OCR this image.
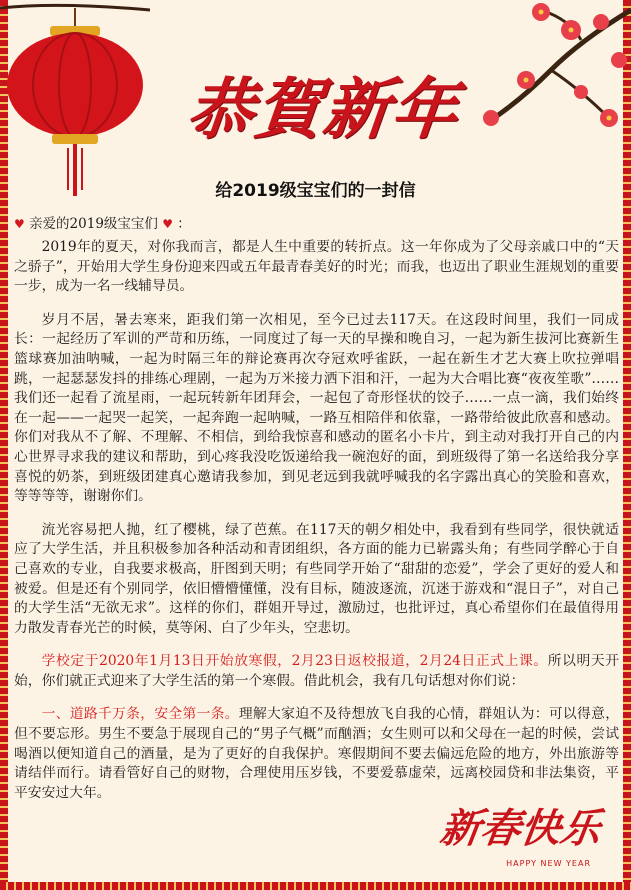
恭賀新年
给2019级宝宝们的一封信
♥ 亲爱的2019级宝宝们 ♥ ：

2019年的夏天，对你我而言，都是人生中重要的转折点。这一年你成为了父母亲戚口中的“天之骄子”，开始用大学生身份迎来四或五年最青春美好的时光；而我，也迈出了职业生涯规划的重要一步，成为一名一线辅导员。

岁月不居，暑去寒来，距我们第一次相见，至今已过去117天。在这段时间里，我们一同成长：一起经历了军训的严苛和历练，一同度过了每一天的早操和晚自习，一起为新生拔河比赛新生篮球赛加油呐喊，一起为时隔三年的辩论赛再次夺冠欢呼雀跃，一起在新生才艺大赛上吹拉弹唱跳，一起瑟瑟发抖的排练心理剧，一起为万米接力洒下泪和汗，一起为大合唱比赛“夜夜笙歌”……我们还一起看了流星雨，一起玩转新年团拜会，一起包了奇形怪状的饺子……一点一滴，我们始终在一起——一起哭一起笑，一起奔跑一起呐喊，一路互相陪伴和依靠，一路带给彼此欣喜和感动。你们对我从不了解、不理解、不相信，到给我惊喜和感动的匿名小卡片，到主动对我打开自己的内心世界寻求我的建议和帮助，到心疼我没吃饭递给我一碗泡好的面，到班级得了第一名送给我分享喜悦的奶茶，到班级团建真心邀请我参加，到见老远到我就呼喊我的名字露出真心的笑脸和喜欢，等等等等，谢谢你们。

流光容易把人抛，红了樱桃，绿了芭蕉。在117天的朝夕相处中，我看到有些同学，很快就适应了大学生活，并且积极参加各种活动和青团组织，各方面的能力已崭露头角；有些同学醉心于自己喜欢的专业，自我要求极高，肝图到天明；有些同学开始了“甜甜的恋爱”，学会了更好的爱人和被爱。但是还有个别同学，依旧懵懵懂懂，没有目标，随波逐流，沉迷于游戏和“混日子”，对自己的大学生活“无欲无求”。这样的你们，群姐开导过，激励过，也批评过，真心希望你们在最值得用力散发青春光芒的时候，莫等闲、白了少年头，空悲切。

学校定于2020年1月13日开始放寒假，2月23日返校报道，2月24日正式上课。所以明天开始，你们就正式迎来了大学生活的第一个寒假。借此机会，我有几句话想对你们说：

一、道路千万条，安全第一条。理解大家迫不及待想放飞自我的心情，群姐认为：可以得意，但不要忘形。男生不要急于展现自己的“男子气概”而酗酒；女生则可以和父母在一起的时候，尝试喝酒以便知道自己的酒量，是为了更好的自我保护。寒假期间不要去偏远危险的地方，外出旅游等请结伴而行。请看管好自己的财物，合理使用压岁钱，不要爱慕虚荣，远离校园贷和非法集资，平平安安过大年。

新春快乐
HAPPY NEW YEAR
